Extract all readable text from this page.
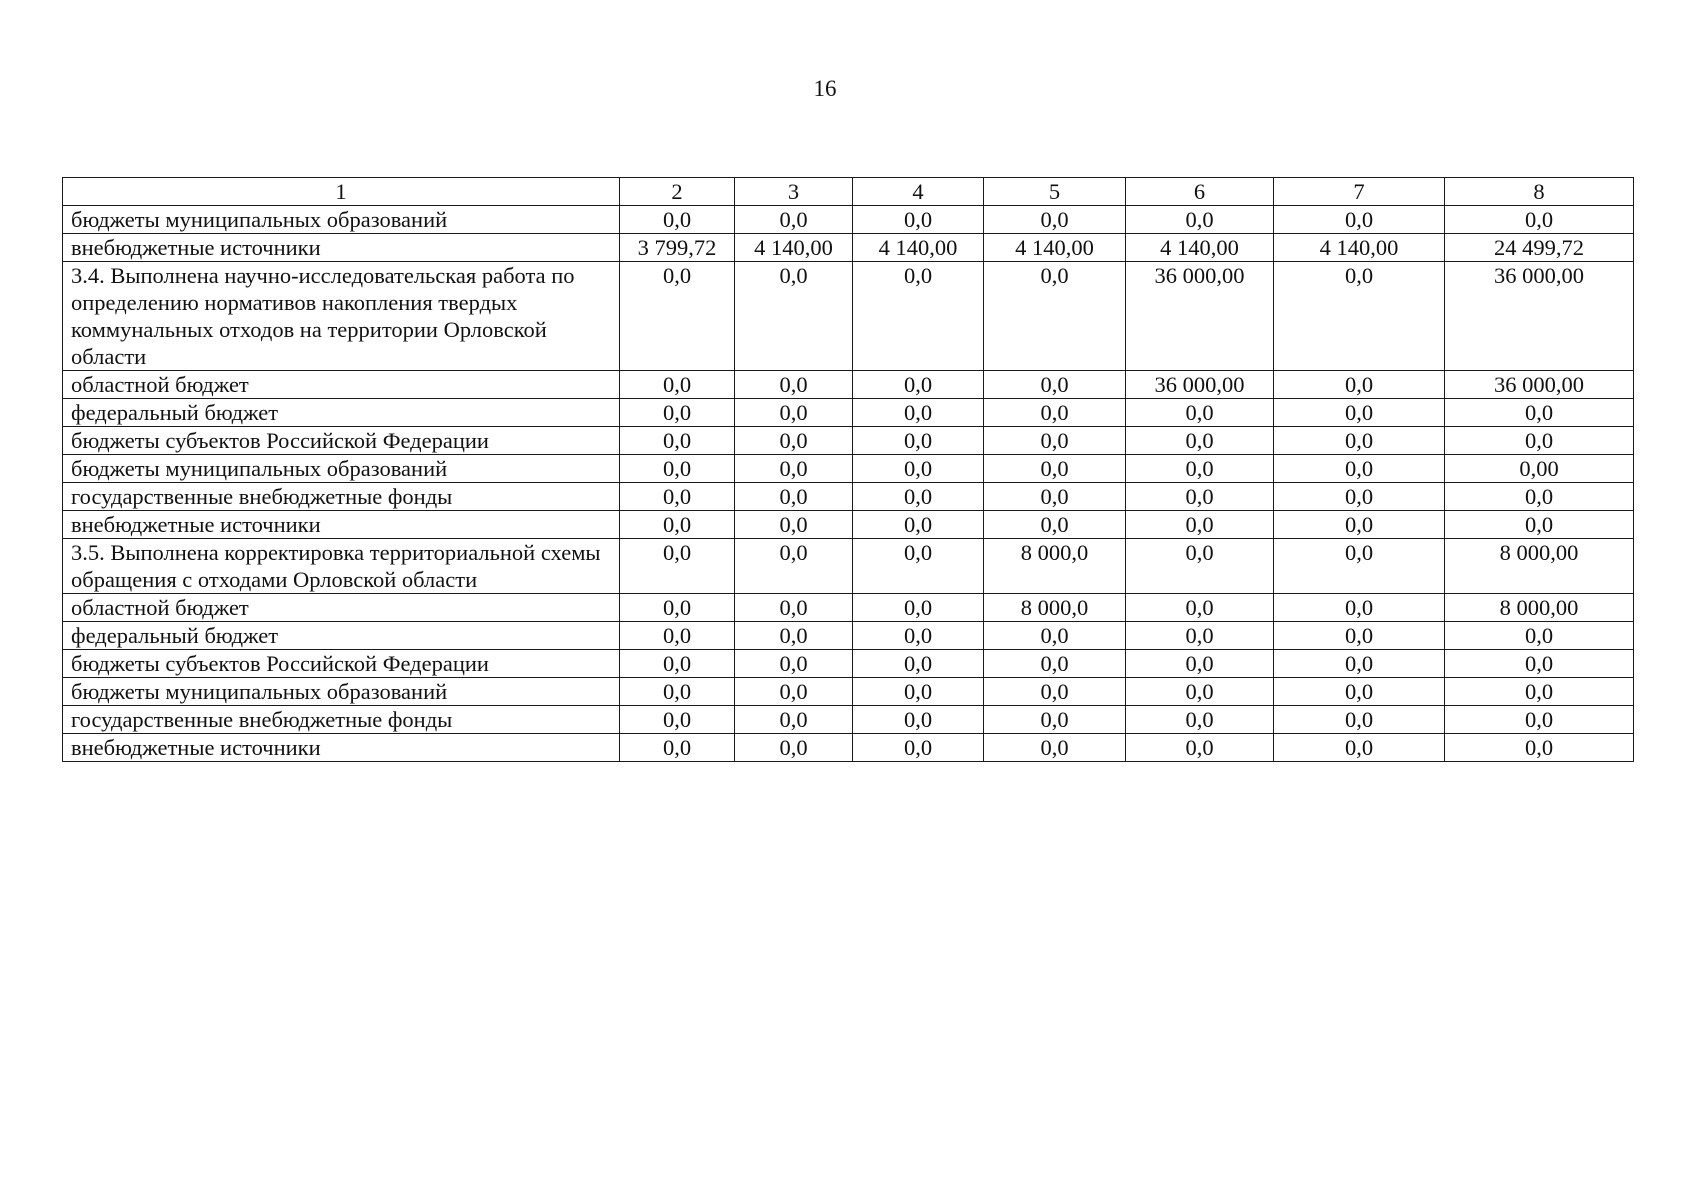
16
1	2	3	4	5	6	7	8
бюджеты муниципальных образований	0,0	0,0	0,0	0,0	0,0	0,0	0,0
внебюджетные источники	3 799,72	4 140,00	4 140,00	4 140,00	4 140,00	4 140,00	24 499,72
3.4. Выполнена научно-исследовательская работа по определению нормативов накопления твердых коммунальных отходов на территории Орловской области	0,0	0,0	0,0	0,0	36 000,00	0,0	36 000,00
областной бюджет	0,0	0,0	0,0	0,0	36 000,00	0,0	36 000,00
федеральный бюджет	0,0	0,0	0,0	0,0	0,0	0,0	0,0
бюджеты субъектов Российской Федерации	0,0	0,0	0,0	0,0	0,0	0,0	0,0
бюджеты муниципальных образований	0,0	0,0	0,0	0,0	0,0	0,0	0,00
государственные внебюджетные фонды	0,0	0,0	0,0	0,0	0,0	0,0	0,0
внебюджетные источники	0,0	0,0	0,0	0,0	0,0	0,0	0,0
3.5. Выполнена корректировка территориальной схемы обращения с отходами Орловской области	0,0	0,0	0,0	8 000,0	0,0	0,0	8 000,00
областной бюджет	0,0	0,0	0,0	8 000,0	0,0	0,0	8 000,00
федеральный бюджет	0,0	0,0	0,0	0,0	0,0	0,0	0,0
бюджеты субъектов Российской Федерации	0,0	0,0	0,0	0,0	0,0	0,0	0,0
бюджеты муниципальных образований	0,0	0,0	0,0	0,0	0,0	0,0	0,0
государственные внебюджетные фонды	0,0	0,0	0,0	0,0	0,0	0,0	0,0
внебюджетные источники	0,0	0,0	0,0	0,0	0,0	0,0	0,0
